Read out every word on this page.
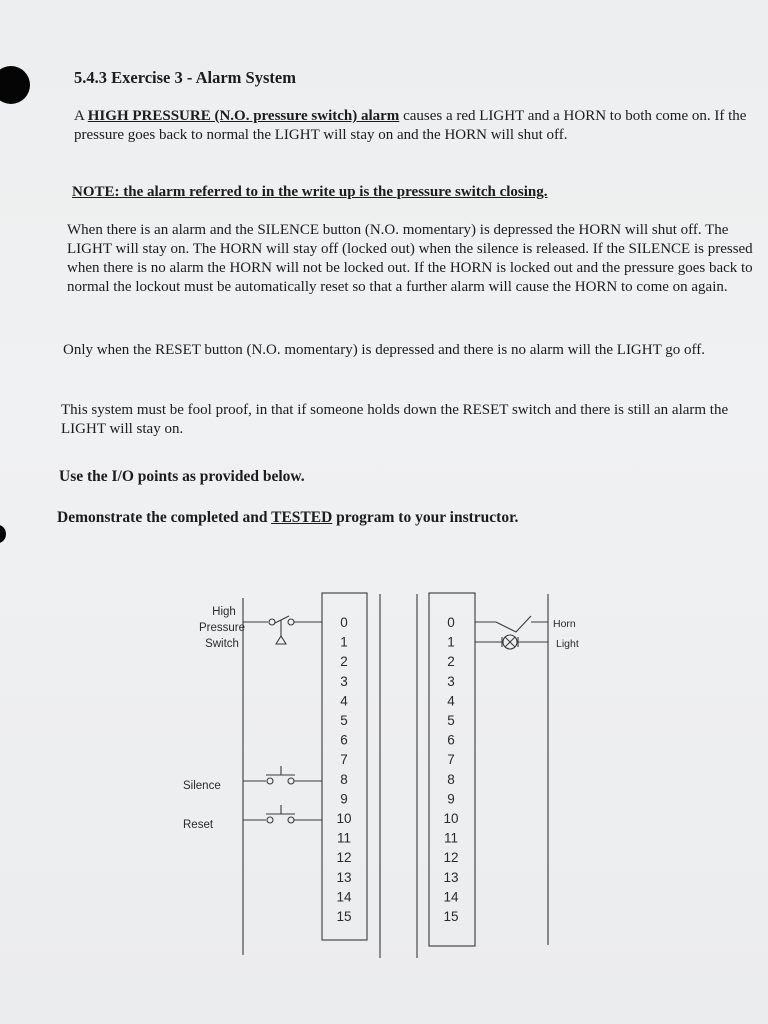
5.4.3 Exercise 3 - Alarm System

A HIGH PRESSURE (N.O. pressure switch) alarm causes a red LIGHT and a HORN to both come on. If the pressure goes back to normal the LIGHT will stay on and the HORN will shut off.

NOTE: the alarm referred to in the write up is the pressure switch closing.

When there is an alarm and the SILENCE button (N.O. momentary) is depressed the HORN will shut off. The LIGHT will stay on. The HORN will stay off (locked out) when the silence is released. If the SILENCE is pressed when there is no alarm the HORN will not be locked out. If the HORN is locked out and the pressure goes back to normal the lockout must be automatically reset so that a further alarm will cause the HORN to come on again.

Only when the RESET button (N.O. momentary) is depressed and there is no alarm will the LIGHT go off.

This system must be fool proof, in that if someone holds down the RESET switch and there is still an alarm the LIGHT will stay on.

Use the I/O points as provided below.

Demonstrate the completed and TESTED program to your instructor.

High
Pressure
Switch
Silence
Reset
Horn
Light
0
1
2
3
4
5
6
7
8
9
10
11
12
13
14
15
0
1
2
3
4
5
6
7
8
9
10
11
12
13
14
15
